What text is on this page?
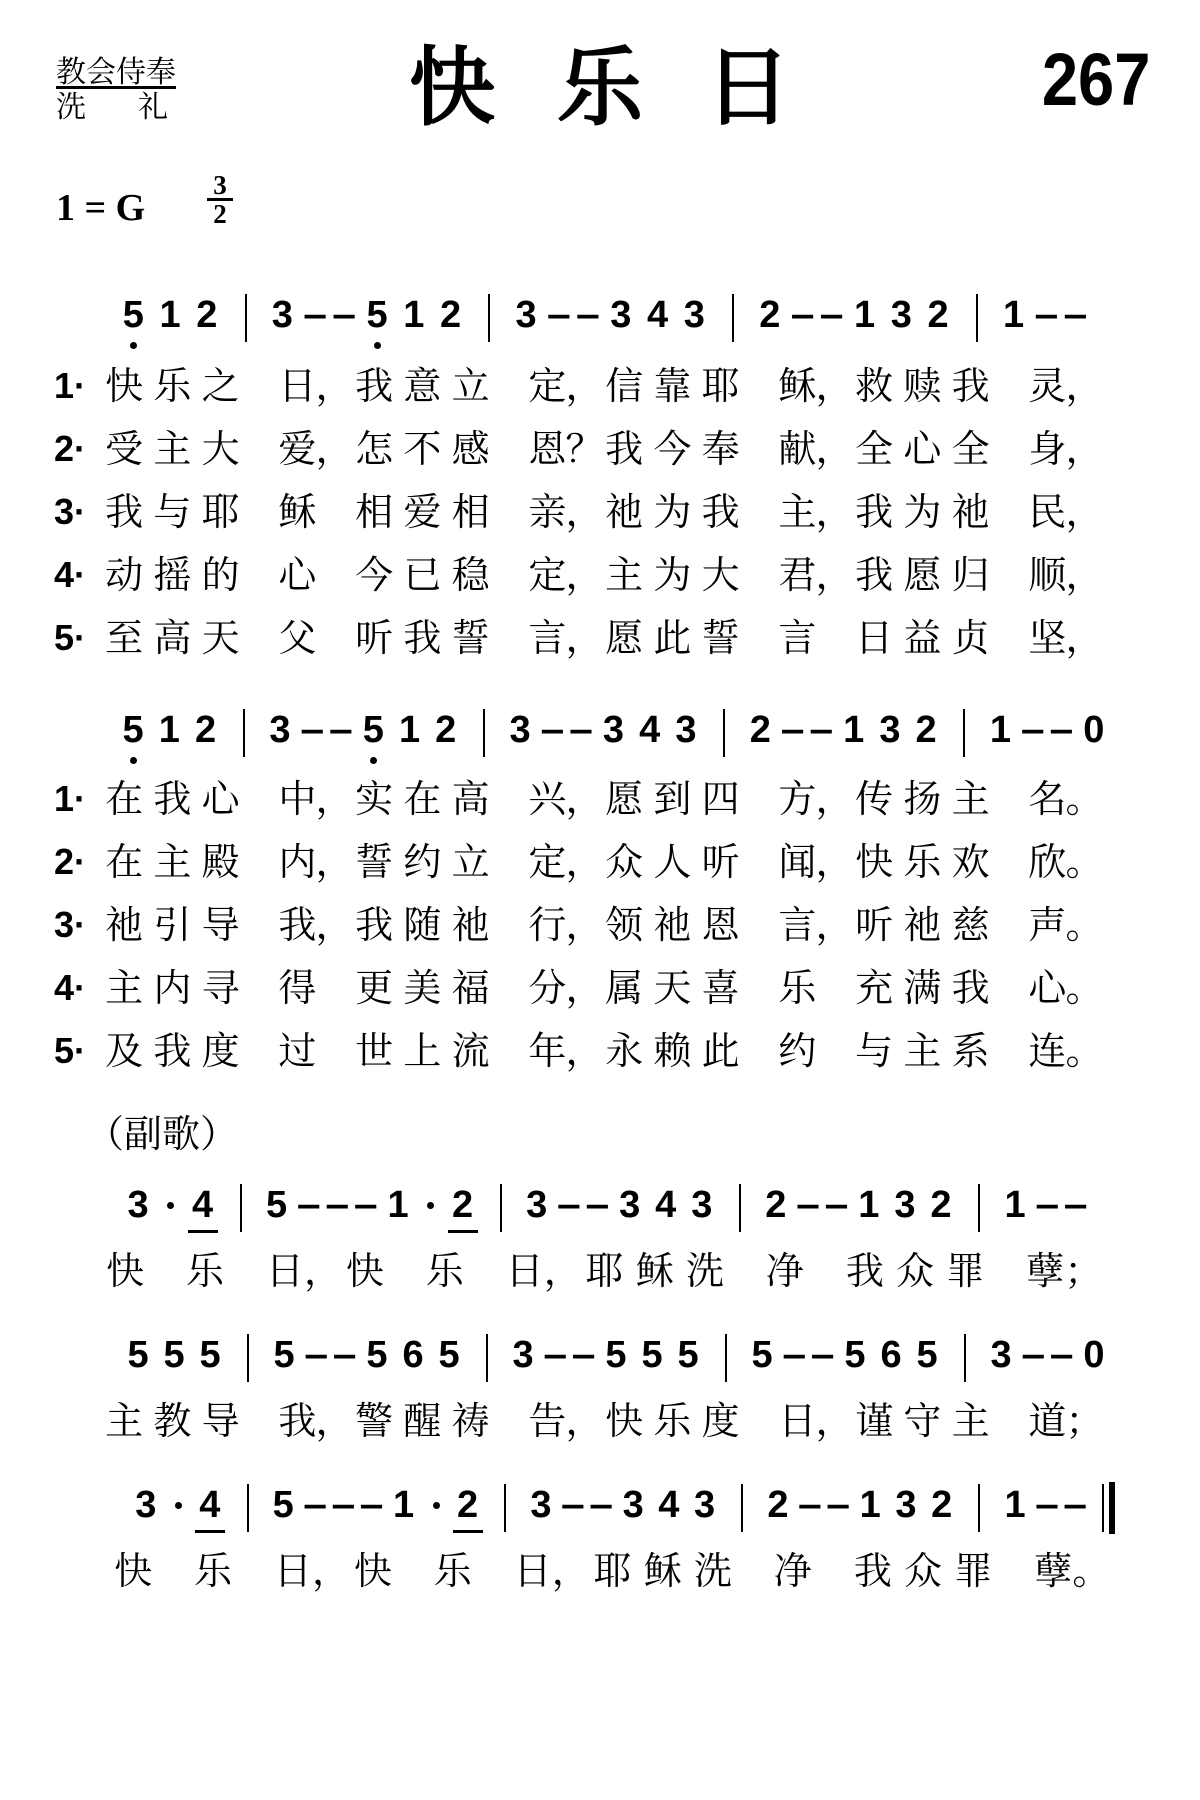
教会侍奉
洗礼	快乐日	267
1 = G $\frac{3}{2}$
5 1 2 3 ‒ ‒ 5 1 2 3 ‒ ‒ 3 4 3 2 ‒ ‒ 1 3 2 1 ‒ ‒
5 1 2 3 ‒ ‒ 5 1 2 3 ‒ ‒ 3 4 3 2 ‒ ‒ 1 3 2 1 ‒ ‒ 0
3 4 5 ‒ ‒ ‒ 1 2 3 ‒ ‒ 3 4 3 2 ‒ ‒ 1 3 2 1 ‒ ‒
5 5 5 5 ‒ ‒ 5 6 5 3 ‒ ‒ 5 5 5 5 ‒ ‒ 5 6 5 3 ‒ ‒ 0
3 4 5 ‒ ‒ ‒ 1 2 3 ‒ ‒ 3 4 3 2 ‒ ‒ 1 3 2 1 ‒ ‒
1· 快 乐 之 日 ， 我 意 立 定 ， 信 靠 耶 稣 ， 救 赎 我 灵 ，
2· 受 主 大 爱 ， 怎 不 感 恩 ？ 我 今 奉 献 ， 全 心 全 身 ，
3· 我 与 耶 稣 相 爱 相 亲 ， 祂 为 我 主 ， 我 为 祂 民 ，
4· 动 摇 的 心 今 已 稳 定 ， 主 为 大 君 ， 我 愿 归 顺 ，
5· 至 高 天 父 听 我 誓 言 ， 愿 此 誓 言 日 益 贞 坚 ，
1· 在 我 心 中 ， 实 在 高 兴 ， 愿 到 四 方 ， 传 扬 主 名 。
2· 在 主 殿 内 ， 誓 约 立 定 ， 众 人 听 闻 ， 快 乐 欢 欣 。
3· 祂 引 导 我 ， 我 随 祂 行 ， 领 祂 恩 言 ， 听 祂 慈 声 。
4· 主 内 寻 得 更 美 福 分 ， 属 天 喜 乐 充 满 我 心 。
5· 及 我 度 过 世 上 流 年 ， 永 赖 此 约 与 主 系 连 。
快 乐 日 ， 快 乐 日 ， 耶 稣 洗 净 我 众 罪 孽 ；
主 教 导 我 ， 警 醒 祷 告 ， 快 乐 度 日 ， 谨 守 主 道 ；
快 乐 日 ， 快 乐 日 ， 耶 稣 洗 净 我 众 罪 孽 。
（副歌）
